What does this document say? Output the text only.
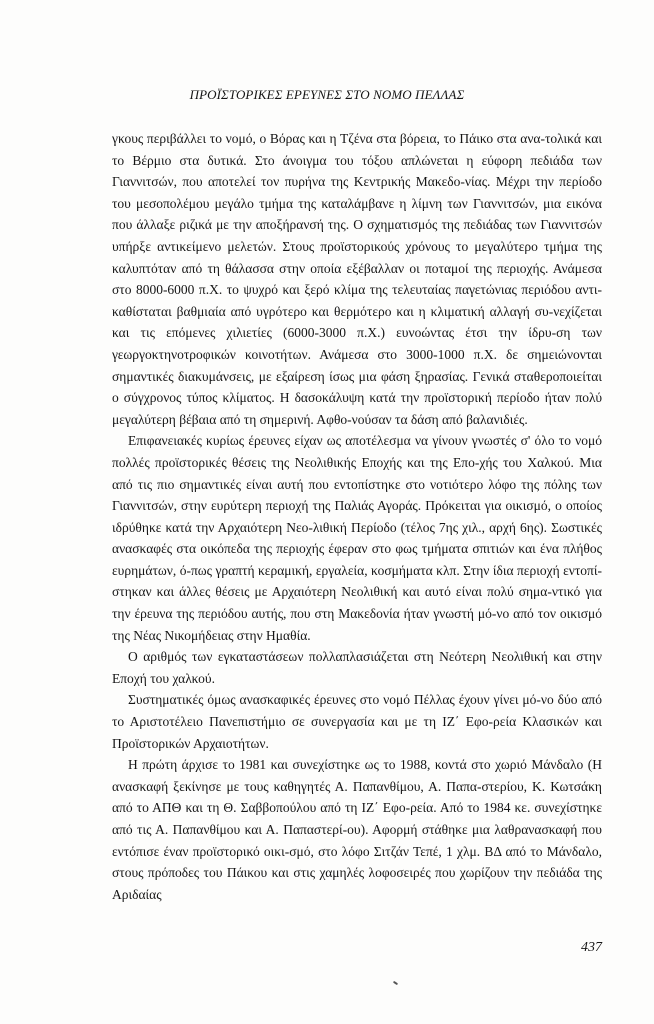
ΠΡΟΪΣΤΟΡΙΚΕΣ ΕΡΕΥΝΕΣ ΣΤΟ ΝΟΜΟ ΠΕΛΛΑΣ

γκους περιβάλλει το νομό, ο Βόρας και η Τζένα στα βόρεια, το Πάικο στα ανα-τολικά και το Βέρμιο στα δυτικά. Στο άνοιγμα του τόξου απλώνεται η εύφορη πεδιάδα των Γιαννιτσών, που αποτελεί τον πυρήνα της Κεντρικής Μακεδο-νίας. Μέχρι την περίοδο του μεσοπολέμου μεγάλο τμήμα της καταλάμβανε η λίμνη των Γιαννιτσών, μια εικόνα που άλλαξε ριζικά με την αποξήρανσή της. Ο σχηματισμός της πεδιάδας των Γιαννιτσών υπήρξε αντικείμενο μελετών. Στους προϊστορικούς χρόνους το μεγαλύτερο τμήμα της καλυπτόταν από τη θάλασσα στην οποία εξέβαλλαν οι ποταμοί της περιοχής. Ανάμεσα στο 8000-6000 π.Χ. το ψυχρό και ξερό κλίμα της τελευταίας παγετώνιας περιόδου αντι-καθίσταται βαθμιαία από υγρότερο και θερμότερο και η κλιματική αλλαγή συ-νεχίζεται και τις επόμενες χιλιετίες (6000-3000 π.Χ.) ευνοώντας έτσι την ίδρυ-ση των γεωργοκτηνοτροφικών κοινοτήτων. Ανάμεσα στο 3000-1000 π.Χ. δε σημειώνονται σημαντικές διακυμάνσεις, με εξαίρεση ίσως μια φάση ξηρασίας. Γενικά σταθεροποιείται ο σύγχρονος τύπος κλίματος. Η δασοκάλυψη κατά την προϊστορική περίοδο ήταν πολύ μεγαλύτερη βέβαια από τη σημερινή. Αφθο-νούσαν τα δάση από βαλανιδιές.

Επιφανειακές κυρίως έρευνες είχαν ως αποτέλεσμα να γίνουν γνωστές σ' όλο το νομό πολλές προϊστορικές θέσεις της Νεολιθικής Εποχής και της Επο-χής του Χαλκού. Μια από τις πιο σημαντικές είναι αυτή που εντοπίστηκε στο νοτιότερο λόφο της πόλης των Γιαννιτσών, στην ευρύτερη περιοχή της Παλιάς Αγοράς. Πρόκειται για οικισμό, ο οποίος ιδρύθηκε κατά την Αρχαιότερη Νεο-λιθική Περίοδο (τέλος 7ης χιλ., αρχή 6ης). Σωστικές ανασκαφές στα οικόπεδα της περιοχής έφεραν στο φως τμήματα σπιτιών και ένα πλήθος ευρημάτων, ό-πως γραπτή κεραμική, εργαλεία, κοσμήματα κλπ. Στην ίδια περιοχή εντοπί-στηκαν και άλλες θέσεις με Αρχαιότερη Νεολιθική και αυτό είναι πολύ σημα-ντικό για την έρευνα της περιόδου αυτής, που στη Μακεδονία ήταν γνωστή μό-νο από τον οικισμό της Νέας Νικομήδειας στην Ημαθία.

Ο αριθμός των εγκαταστάσεων πολλαπλασιάζεται στη Νεότερη Νεολιθική και στην Εποχή του χαλκού.

Συστηματικές όμως ανασκαφικές έρευνες στο νομό Πέλλας έχουν γίνει μό-νο δύο από το Αριστοτέλειο Πανεπιστήμιο σε συνεργασία και με τη ΙΖ΄ Εφο-ρεία Κλασικών και Προϊστορικών Αρχαιοτήτων.

Η πρώτη άρχισε το 1981 και συνεχίστηκε ως το 1988, κοντά στο χωριό Μάνδαλο (Η ανασκαφή ξεκίνησε με τους καθηγητές Α. Παπανθίμου, Α. Παπα-στερίου, Κ. Κωτσάκη από το ΑΠΘ και τη Θ. Σαββοπούλου από τη ΙΖ΄ Εφο-ρεία. Από το 1984 κε. συνεχίστηκε από τις Α. Παπανθίμου και Α. Παπαστερί-ου). Αφορμή στάθηκε μια λαθρανασκαφή που εντόπισε έναν προϊστορικό οικι-σμό, στο λόφο Σιτζάν Τεπέ, 1 χλμ. ΒΔ από το Μάνδαλο, στους πρόποδες του Πάικου και στις χαμηλές λοφοσειρές που χωρίζουν την πεδιάδα της Αριδαίας

437
